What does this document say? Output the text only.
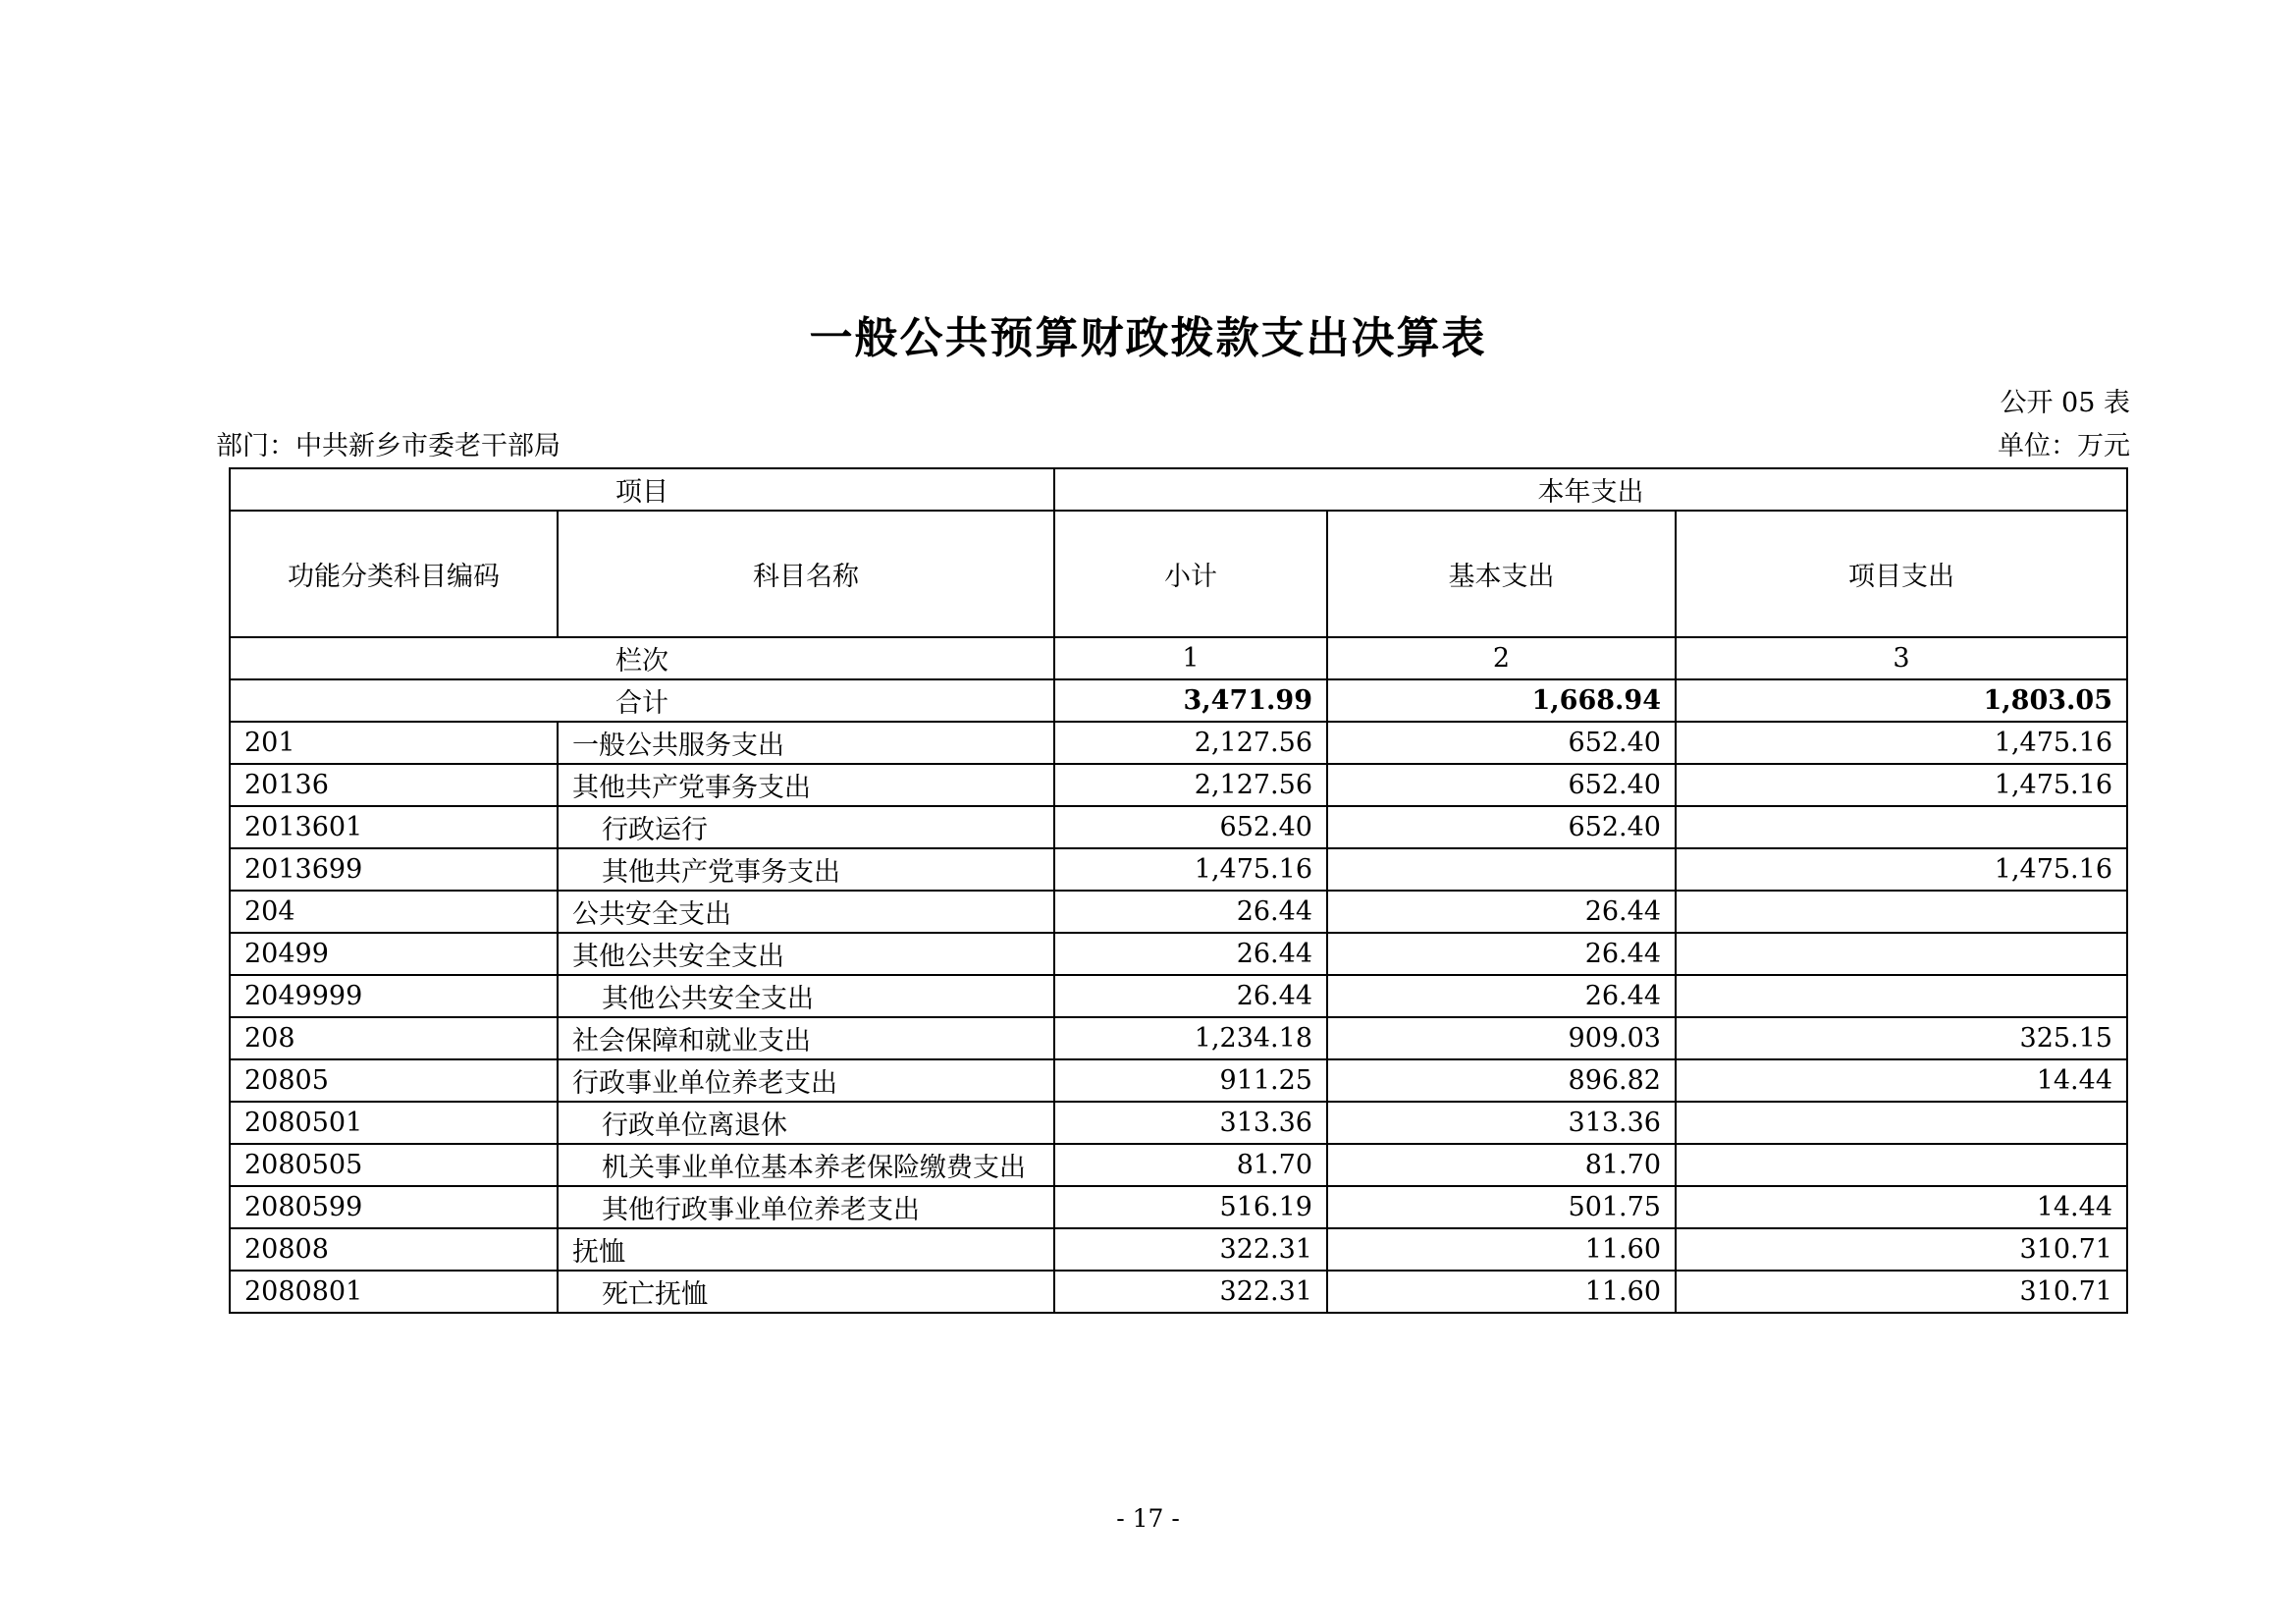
一般公共预算财政拨款支出决算表
公开 05 表
部门：中共新乡市委老干部局	单位：万元
项目		本年支出		
功能分类科目编码	科目名称	小计	基本支出	项目支出
栏次		1	2	3
合计		3,471.99	1,668.94	1,803.05
201	一般公共服务支出	2,127.56	652.40	1,475.16
20136	其他共产党事务支出	2,127.56	652.40	1,475.16
2013601	行政运行	652.40	652.40	
2013699	其他共产党事务支出	1,475.16		1,475.16
204	公共安全支出	26.44	26.44	
20499	其他公共安全支出	26.44	26.44	
2049999	其他公共安全支出	26.44	26.44	
208	社会保障和就业支出	1,234.18	909.03	325.15
20805	行政事业单位养老支出	911.25	896.82	14.44
2080501	行政单位离退休	313.36	313.36	
2080505	机关事业单位基本养老保险缴费支出	81.70	81.70	
2080599	其他行政事业单位养老支出	516.19	501.75	14.44
20808	抚恤	322.31	11.60	310.71
2080801	死亡抚恤	322.31	11.60	310.71
- 17 -
